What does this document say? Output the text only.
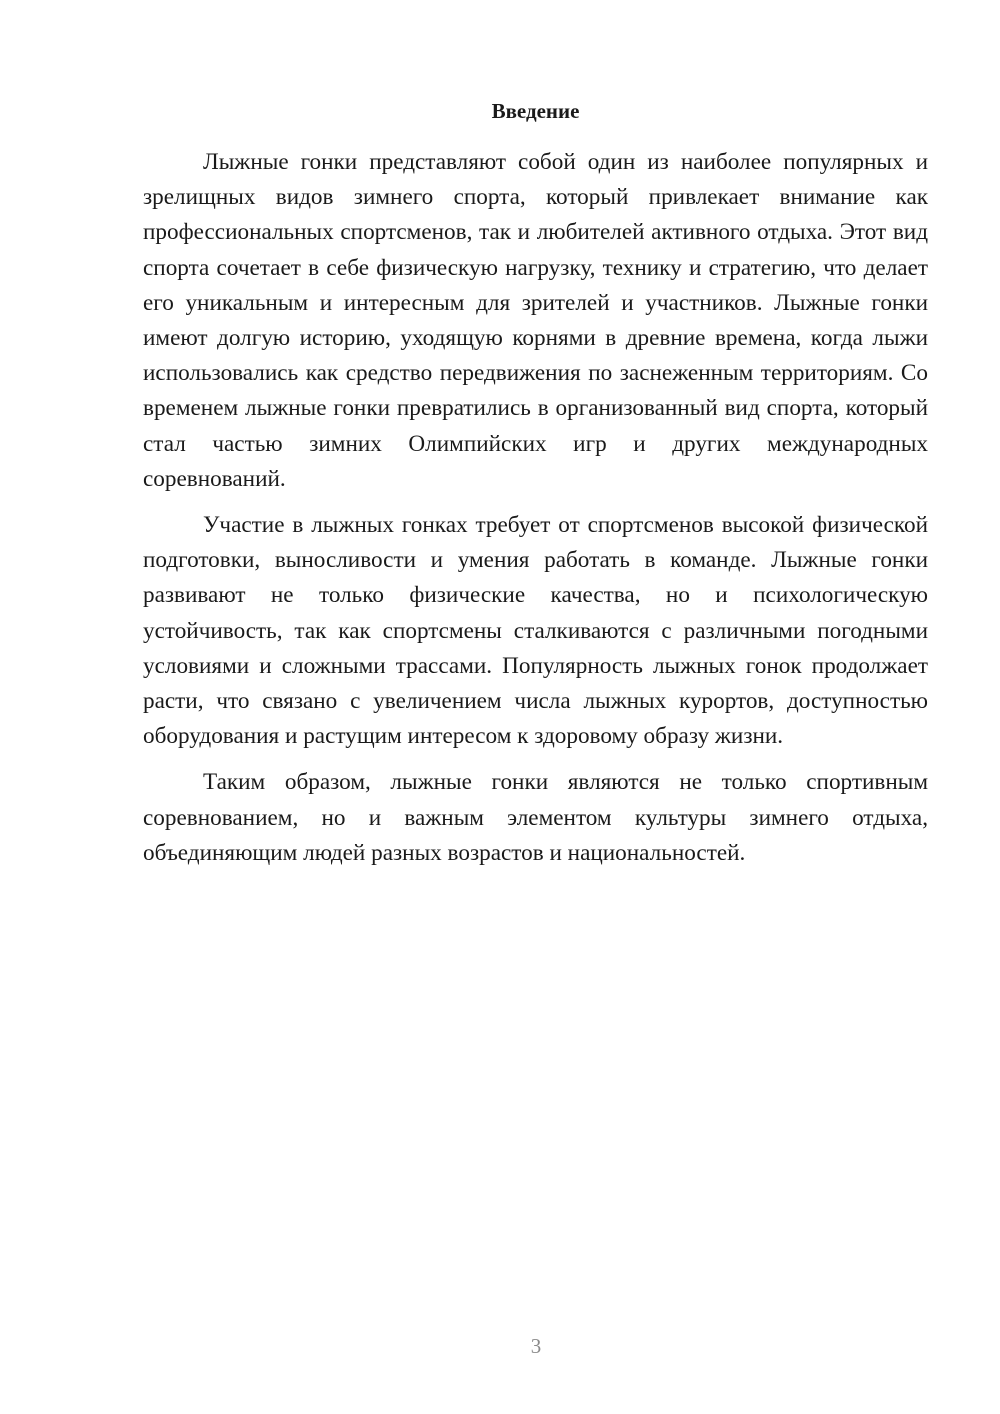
Введение

Лыжные гонки представляют собой один из наиболее популярных и зрелищных видов зимнего спорта, который привлекает внимание как профессиональных спортсменов, так и любителей активного отдыха. Этот вид спорта сочетает в себе физическую нагрузку, технику и стратегию, что делает его уникальным и интересным для зрителей и участников. Лыжные гонки имеют долгую историю, уходящую корнями в древние времена, когда лыжи использовались как средство передвижения по заснеженным территориям. Со временем лыжные гонки превратились в организованный вид спорта, который стал частью зимних Олимпийских игр и других международных соревнований.

Участие в лыжных гонках требует от спортсменов высокой физической подготовки, выносливости и умения работать в команде. Лыжные гонки развивают не только физические качества, но и психологическую устойчивость, так как спортсмены сталкиваются с различными погодными условиями и сложными трассами. Популярность лыжных гонок продолжает расти, что связано с увеличением числа лыжных курортов, доступностью оборудования и растущим интересом к здоровому образу жизни.

Таким образом, лыжные гонки являются не только спортивным соревнованием, но и важным элементом культуры зимнего отдыха, объединяющим людей разных возрастов и национальностей.

3
